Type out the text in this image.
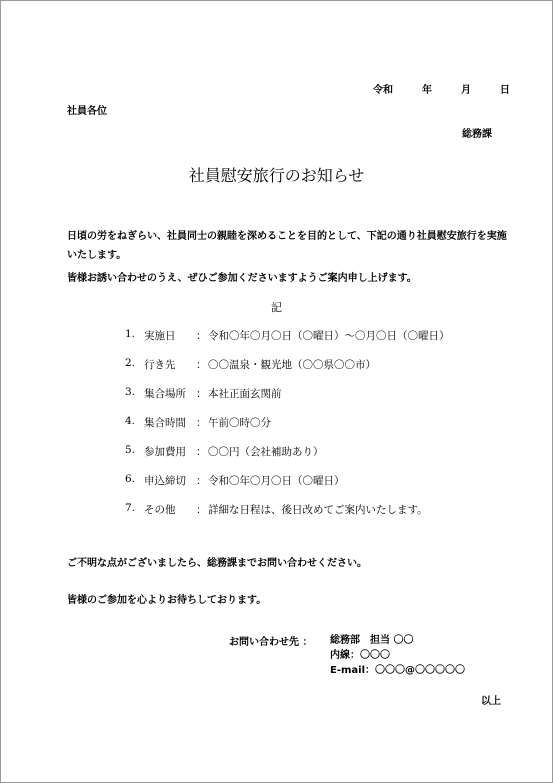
令和	年	月	日
社員各位
総務課
社員慰安旅行のお知らせ
日頃の労をねぎらい、社員同士の親睦を深めることを目的として、下記の通り社員慰安旅行を実施いたします。
皆様お誘い合わせのうえ、ぜひご参加くださいますようご案内申し上げます。
記
1. 実施日 ： 令和〇年〇月〇日（〇曜日）～〇月〇日（〇曜日）
2. 行き先 ： 〇〇温泉・観光地（〇〇県〇〇市）
3. 集合場所 ： 本社正面玄関前
4. 集合時間 ： 午前〇時〇分
5. 参加費用 ： 〇〇円（会社補助あり）
6. 申込締切 ： 令和〇年〇月〇日（〇曜日）
7. その他 ： 詳細な日程は、後日改めてご案内いたします。
ご不明な点がございましたら、総務課までお問い合わせください。
皆様のご参加を心よりお待ちしております。
お問い合わせ先 ： 総務部　担当 〇〇
内線：〇〇〇
E-mail：〇〇〇@〇〇〇〇〇
以上
